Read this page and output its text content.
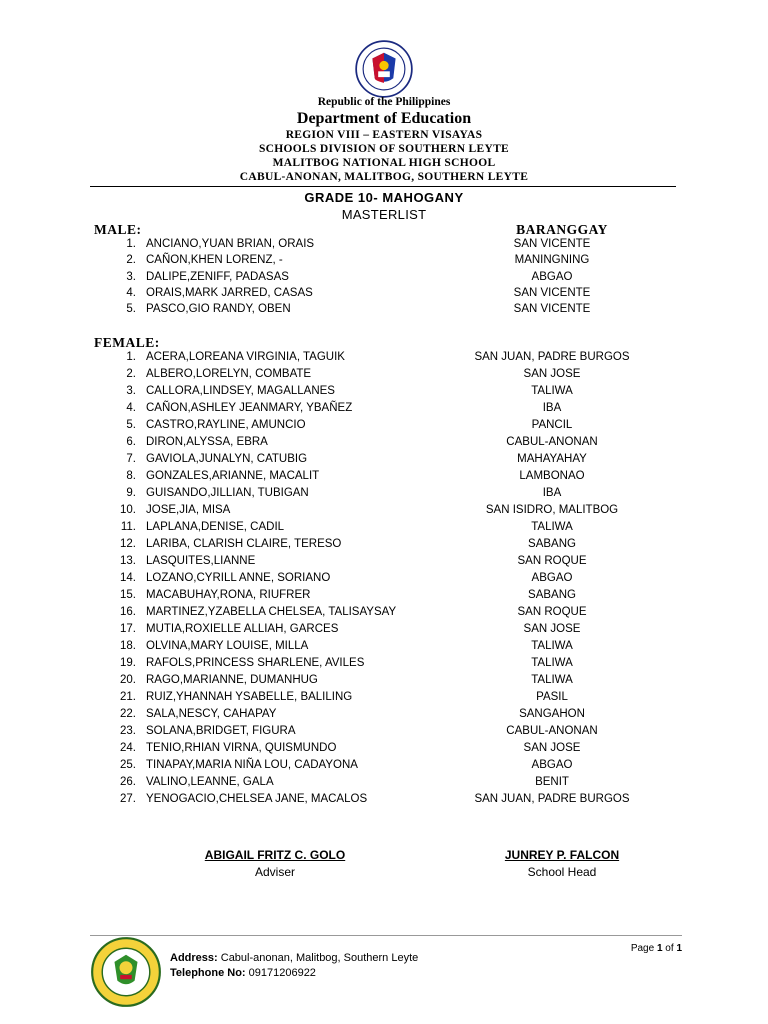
Republic of the Philippines
Department of Education
REGION VIII – EASTERN VISAYAS
SCHOOLS DIVISION OF SOUTHERN LEYTE
MALITBOG NATIONAL HIGH SCHOOL
CABUL-ANONAN, MALITBOG, SOUTHERN LEYTE
GRADE 10- MAHOGANY
MASTERLIST
MALE:	BARANGGAY
FEMALE:
1. ANCIANO,YUAN BRIAN, ORAIS	SAN VICENTE
2. CAÑON,KHEN LORENZ, -	MANINGNING
3. DALIPE,ZENIFF, PADASAS	ABGAO
4. ORAIS,MARK JARRED, CASAS	SAN VICENTE
5. PASCO,GIO RANDY, OBEN	SAN VICENTE
1. ACERA,LOREANA VIRGINIA, TAGUIK	SAN JUAN, PADRE BURGOS
2. ALBERO,LORELYN, COMBATE	SAN JOSE
3. CALLORA,LINDSEY, MAGALLANES	TALIWA
4. CAÑON,ASHLEY JEANMARY, YBAÑEZ	IBA
5. CASTRO,RAYLINE, AMUNCIO	PANCIL
6. DIRON,ALYSSA, EBRA	CABUL-ANONAN
7. GAVIOLA,JUNALYN, CATUBIG	MAHAYAHAY
8. GONZALES,ARIANNE, MACALIT	LAMBONAO
9. GUISANDO,JILLIAN, TUBIGAN	IBA
10. JOSE,JIA, MISA	SAN ISIDRO, MALITBOG
11. LAPLANA,DENISE, CADIL	TALIWA
12. LARIBA, CLARISH CLAIRE, TERESO	SABANG
13. LASQUITES,LIANNE	SAN ROQUE
14. LOZANO,CYRILL ANNE, SORIANO	ABGAO
15. MACABUHAY,RONA, RIUFRER	SABANG
16. MARTINEZ,YZABELLA CHELSEA, TALISAYSAY	SAN ROQUE
17. MUTIA,ROXIELLE ALLIAH, GARCES	SAN JOSE
18. OLVINA,MARY LOUISE, MILLA	TALIWA
19. RAFOLS,PRINCESS SHARLENE, AVILES	TALIWA
20. RAGO,MARIANNE, DUMANHUG	TALIWA
21. RUIZ,YHANNAH YSABELLE, BALILING	PASIL
22. SALA,NESCY, CAHAPAY	SANGAHON
23. SOLANA,BRIDGET, FIGURA	CABUL-ANONAN
24. TENIO,RHIAN VIRNA, QUISMUNDO	SAN JOSE
25. TINAPAY,MARIA NIÑA LOU, CADAYONA	ABGAO
26. VALINO,LEANNE, GALA	BENIT
27. YENOGACIO,CHELSEA JANE, MACALOS	SAN JUAN, PADRE BURGOS
ABIGAIL FRITZ C. GOLO
Adviser
JUNREY P. FALCON
School Head
Page 1 of 1
Address: Cabul-anonan, Malitbog, Southern Leyte
Telephone No: 09171206922
